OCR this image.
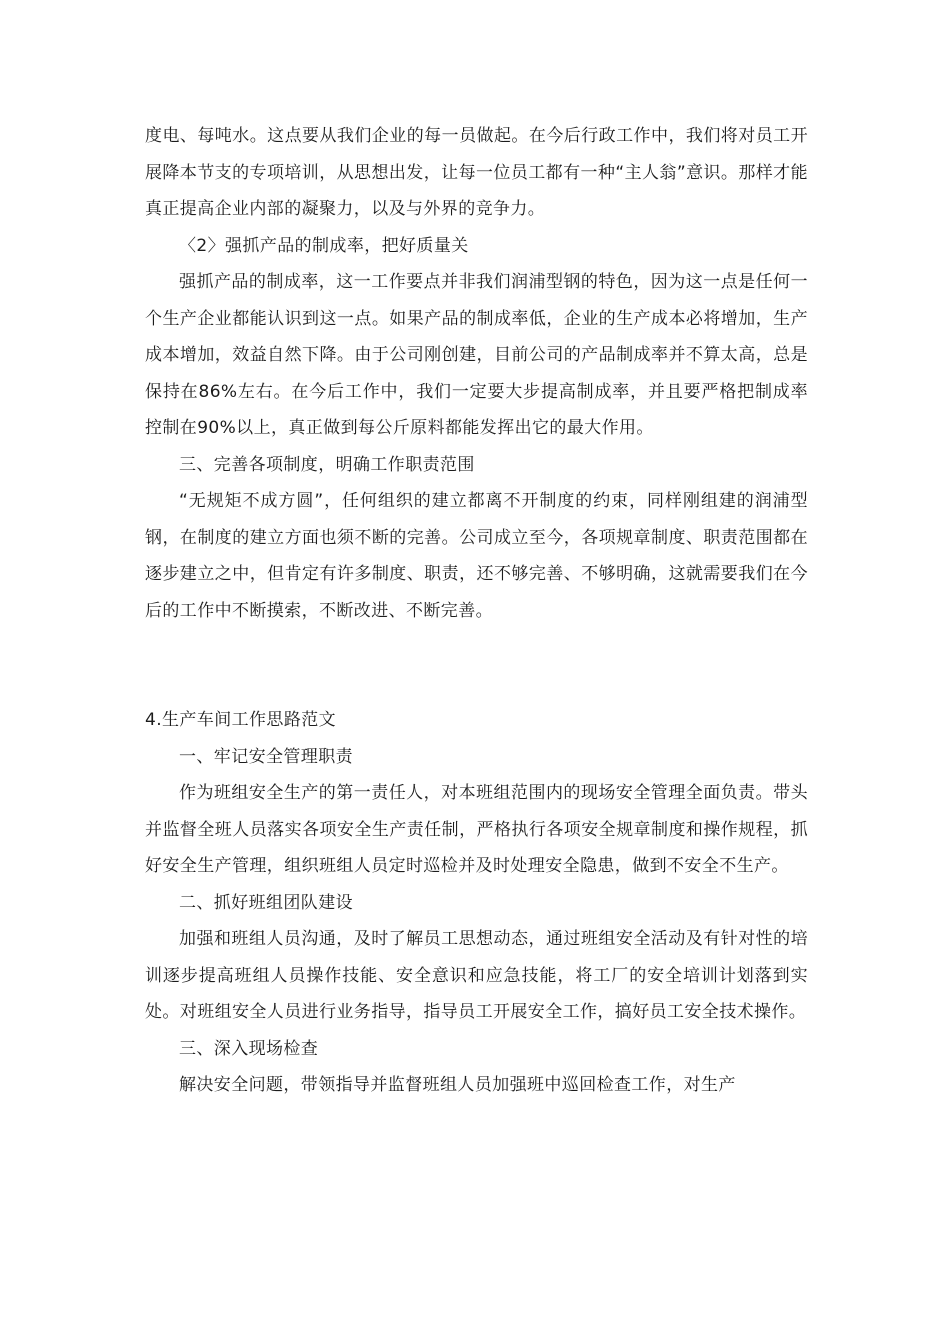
度电、每吨水。这点要从我们企业的每一员做起。在今后行政工作中，我们将对员工开展降本节支的专项培训，从思想出发，让每一位员工都有一种“主人翁”意识。那样才能真正提高企业内部的凝聚力，以及与外界的竞争力。

〈2〉强抓产品的制成率，把好质量关

强抓产品的制成率，这一工作要点并非我们润浦型钢的特色，因为这一点是任何一个生产企业都能认识到这一点。如果产品的制成率低，企业的生产成本必将增加，生产成本增加，效益自然下降。由于公司刚创建，目前公司的产品制成率并不算太高，总是保持在86%左右。在今后工作中，我们一定要大步提高制成率，并且要严格把制成率控制在90%以上，真正做到每公斤原料都能发挥出它的最大作用。

三、完善各项制度，明确工作职责范围

“无规矩不成方圆”，任何组织的建立都离不开制度的约束，同样刚组建的润浦型钢，在制度的建立方面也须不断的完善。公司成立至今，各项规章制度、职责范围都在逐步建立之中，但肯定有许多制度、职责，还不够完善、不够明确，这就需要我们在今后的工作中不断摸索，不断改进、不断完善。

4.生产车间工作思路范文

一、牢记安全管理职责

作为班组安全生产的第一责任人，对本班组范围内的现场安全管理全面负责。带头并监督全班人员落实各项安全生产责任制，严格执行各项安全规章制度和操作规程，抓好安全生产管理，组织班组人员定时巡检并及时处理安全隐患，做到不安全不生产。

二、抓好班组团队建设

加强和班组人员沟通，及时了解员工思想动态，通过班组安全活动及有针对性的培训逐步提高班组人员操作技能、安全意识和应急技能，将工厂的安全培训计划落到实处。对班组安全人员进行业务指导，指导员工开展安全工作，搞好员工安全技术操作。

三、深入现场检查

解决安全问题，带领指导并监督班组人员加强班中巡回检查工作，对生产
